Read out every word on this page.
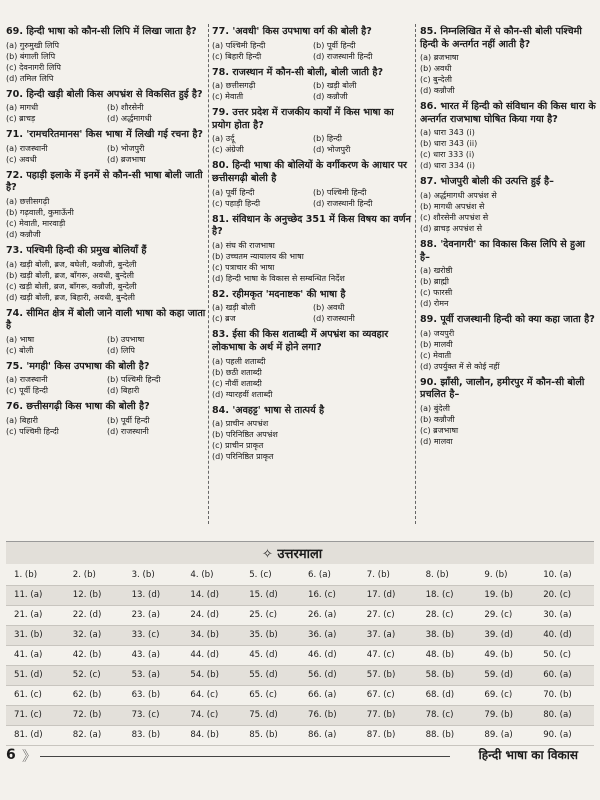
69. हिन्दी भाषा को कौन-सी लिपि में लिखा जाता है?
(a) गुरुमुखी लिपि
(b) बंगाली लिपि
(c) देवनागरी लिपि
(d) तमिल लिपि
70. हिन्दी खड़ी बोली किस अपभ्रंश से विकसित हुई है?
(a) मागधी	(b) शौरसेनी
(c) ब्राचड़	(d) अर्द्धमागधी
71. 'रामचरितमानस' किस भाषा में लिखी गई रचना है?
(a) राजस्थानी	(b) भोजपुरी
(c) अवधी	(d) ब्रजभाषा
72. पहाड़ी इलाके में इनमें से कौन-सी भाषा बोली जाती है?
(a) छत्तीसगढ़ी
(b) गढ़वाली, कुमाऊँनी
(c) मेवाती, मारवाड़ी
(d) कन्नौजी
73. पश्चिमी हिन्दी की प्रमुख बोलियाँ हैं
(a) खड़ी बोली, ब्रज, बघेली, कन्नौजी, बुन्देली
(b) खड़ी बोली, ब्रज, बाँगरू, अवधी, बुन्देली
(c) खड़ी बोली, ब्रज, बाँगरू, कन्नौजी, बुन्देली
(d) खड़ी बोली, ब्रज, बिहारी, अवधी, बुन्देली
74. सीमित क्षेत्र में बोली जाने वाली भाषा को कहा जाता है
(a) भाषा	(b) उपभाषा
(c) बोली	(d) लिपि
75. 'मगही' किस उपभाषा की बोली है?
(a) राजस्थानी	(b) पश्चिमी हिन्दी
(c) पूर्वी हिन्दी	(d) बिहारी
76. छत्तीसगढ़ी किस भाषा की बोली है?
(a) बिहारी	(b) पूर्वी हिन्दी
(c) पश्चिमी हिन्दी	(d) राजस्थानी
77. 'अवधी' किस उपभाषा वर्ग की बोली है?
(a) पश्चिमी हिन्दी	(b) पूर्वी हिन्दी
(c) बिहारी हिन्दी	(d) राजस्थानी हिन्दी
78. राजस्थान में कौन-सी बोली, बोली जाती है?
(a) छत्तीसगढ़ी	(b) खड़ी बोली
(c) मेवाती	(d) कन्नौजी
79. उत्तर प्रदेश में राजकीय कार्यों में किस भाषा का प्रयोग होता है?
(a) उर्दू	(b) हिन्दी
(c) अंग्रेजी	(d) भोजपुरी
80. हिन्दी भाषा की बोलियों के वर्गीकरण के आधार पर छत्तीसगढ़ी बोली है
(a) पूर्वी हिन्दी	(b) पश्चिमी हिन्दी
(c) पहाड़ी हिन्दी	(d) राजस्थानी हिन्दी
81. संविधान के अनुच्छेद 351 में किस विषय का वर्णन है?
(a) संघ की राजभाषा
(b) उच्चतम न्यायालय की भाषा
(c) पत्राचार की भाषा
(d) हिन्दी भाषा के विकास से सम्बन्धित निर्देश
82. रहीमकृत 'मदनाष्टक' की भाषा है
(a) खड़ी बोली	(b) अवधी
(c) ब्रज	(d) राजस्थानी
83. ईसा की किस शताब्दी में अपभ्रंश का व्यवहार लोकभाषा के अर्थ में होने लगा?
(a) पहली शताब्दी
(b) छठी शताब्दी
(c) नौवीं शताब्दी
(d) ग्यारहवीं शताब्दी
84. 'अवहट्ट' भाषा से तात्पर्य है
(a) प्राचीन अपभ्रंश
(b) परिनिष्ठित अपभ्रंश
(c) प्राचीन प्राकृत
(d) परिनिष्ठित प्राकृत
85. निम्नलिखित में से कौन-सी बोली पश्चिमी हिन्दी के अन्तर्गत नहीं आती है?
(a) ब्रजभाषा
(b) अवधी
(c) बुन्देली
(d) कन्नौजी
86. भारत में हिन्दी को संविधान की किस धारा के अन्तर्गत राजभाषा घोषित किया गया है?
(a) धारा 343 (i)
(b) धारा 343 (ii)
(c) धारा 333 (i)
(d) धारा 334 (i)
87. भोजपुरी बोली की उत्पत्ति हुई है–
(a) अर्द्धमागधी अपभ्रंश से
(b) मागधी अपभ्रंश से
(c) शौरसेनी अपभ्रंश से
(d) ब्राचड़ अपभ्रंश से
88. 'देवनागरी' का विकास किस लिपि से हुआ है–
(a) खरोष्ठी
(b) ब्राह्मी
(c) फारसी
(d) रोमन
89. पूर्वी राजस्थानी हिन्दी को क्या कहा जाता है?
(a) जयपुरी
(b) मालवी
(c) मेवाती
(d) उपर्युक्त में से कोई नहीं
90. झाँसी, जालौन, हमीरपुर में कौन-सी बोली प्रचलित है–
(a) बुंदेली
(b) कन्नौजी
(c) ब्रजभाषा
(d) मालवा
✧ उत्तरमाला
1. (b)	2. (b)	3. (b)	4. (b)	5. (c)	6. (a)	7. (b)	8. (b)	9. (b)	10. (a)
11. (a)	12. (b)	13. (d)	14. (d)	15. (d)	16. (c)	17. (d)	18. (c)	19. (b)	20. (c)
21. (a)	22. (d)	23. (a)	24. (d)	25. (c)	26. (a)	27. (c)	28. (c)	29. (c)	30. (a)
31. (b)	32. (a)	33. (c)	34. (b)	35. (b)	36. (a)	37. (a)	38. (b)	39. (d)	40. (d)
41. (a)	42. (b)	43. (a)	44. (d)	45. (d)	46. (d)	47. (c)	48. (b)	49. (b)	50. (c)
51. (d)	52. (c)	53. (a)	54. (b)	55. (d)	56. (d)	57. (b)	58. (b)	59. (d)	60. (a)
61. (c)	62. (b)	63. (b)	64. (c)	65. (c)	66. (a)	67. (c)	68. (d)	69. (c)	70. (b)
71. (c)	72. (b)	73. (c)	74. (c)	75. (d)	76. (b)	77. (b)	78. (c)	79. (b)	80. (a)
81. (d)	82. (a)	83. (b)	84. (b)	85. (b)	86. (a)	87. (b)	88. (b)	89. (a)	90. (a)
6 》	हिन्दी भाषा का विकास
